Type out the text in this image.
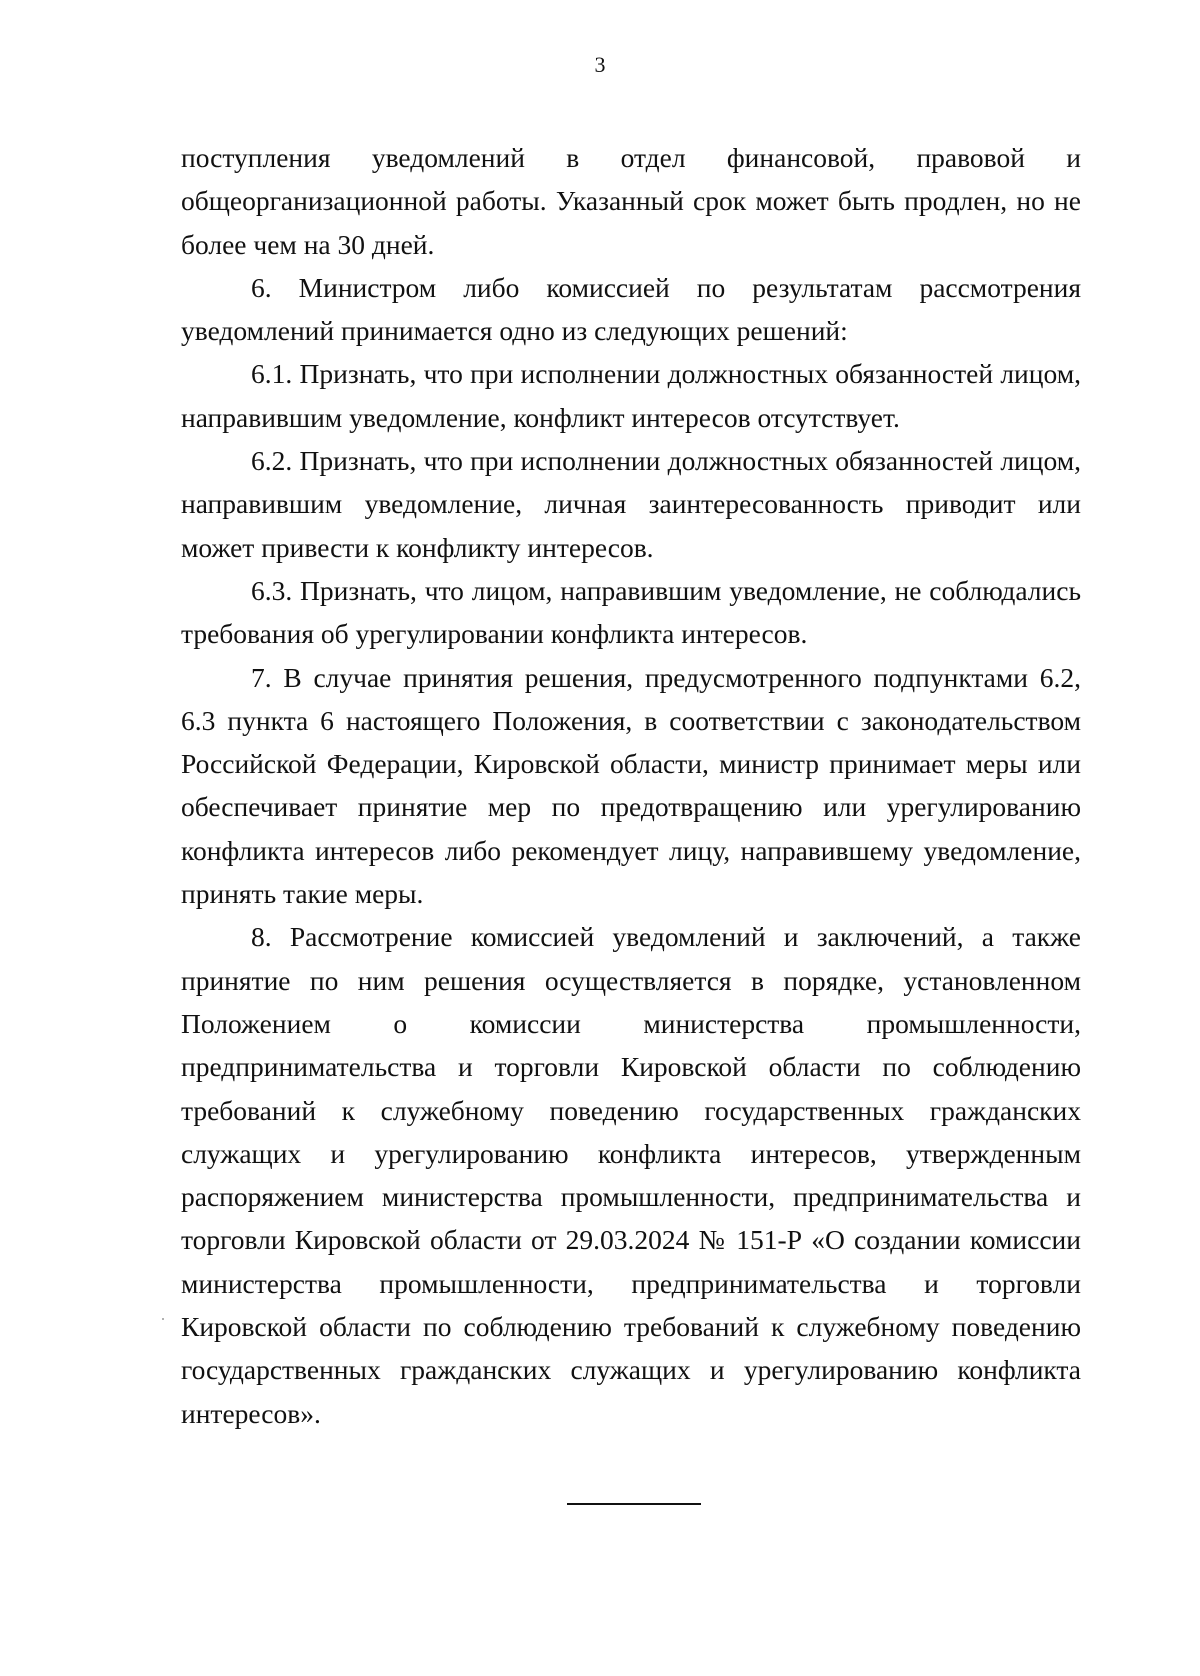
3

поступления уведомлений в отдел финансовой, правовой и общеорганизационной работы. Указанный срок может быть продлен, но не более чем на 30 дней.

6. Министром либо комиссией по результатам рассмотрения уведомлений принимается одно из следующих решений:

6.1. Признать, что при исполнении должностных обязанностей лицом, направившим уведомление, конфликт интересов отсутствует.

6.2. Признать, что при исполнении должностных обязанностей лицом, направившим уведомление, личная заинтересованность приводит или может привести к конфликту интересов.

6.3. Признать, что лицом, направившим уведомление, не соблюдались требования об урегулировании конфликта интересов.

7. В случае принятия решения, предусмотренного подпунктами 6.2, 6.3 пункта 6 настоящего Положения, в соответствии с законодательством Российской Федерации, Кировской области, министр принимает меры или обеспечивает принятие мер по предотвращению или урегулированию конфликта интересов либо рекомендует лицу, направившему уведомление, принять такие меры.

8. Рассмотрение комиссией уведомлений и заключений, а также принятие по ним решения осуществляется в порядке, установленном Положением о комиссии министерства промышленности, предпринимательства и торговли Кировской области по соблюдению требований к служебному поведению государственных гражданских служащих и урегулированию конфликта интересов, утвержденным распоряжением министерства промышленности, предпринимательства и торговли Кировской области от 29.03.2024 № 151-Р «О создании комиссии министерства промышленности, предпринимательства и торговли Кировской области по соблюдению требований к служебному поведению государственных гражданских служащих и урегулированию конфликта интересов».
